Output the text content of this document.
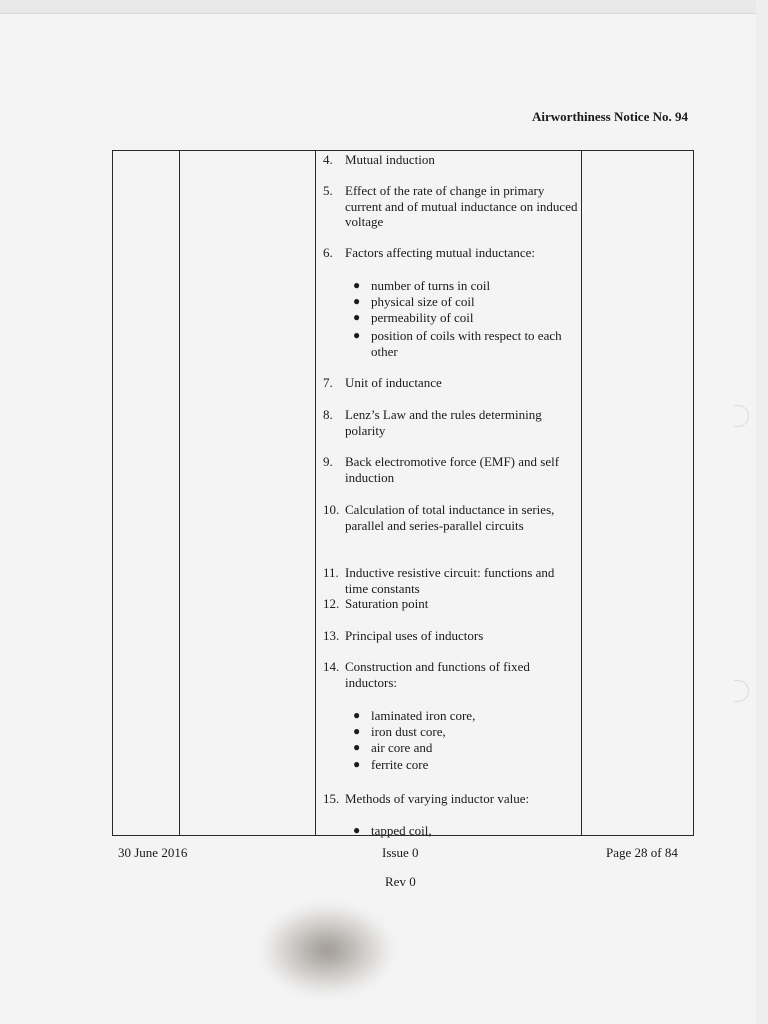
Airworthiness Notice No. 94
4. Mutual induction
5. Effect of the rate of change in primary current and of mutual inductance on induced voltage
6. Factors affecting mutual inductance:
● number of turns in coil
● physical size of coil
● permeability of coil
● position of coils with respect to each other
7. Unit of inductance
8. Lenz’s Law and the rules determining polarity
9. Back electromotive force (EMF) and self induction
10. Calculation of total inductance in series, parallel and series-parallel circuits
11. Inductive resistive circuit: functions and time constants
12. Saturation point
13. Principal uses of inductors
14. Construction and functions of fixed inductors:
● laminated iron core,
● iron dust core,
● air core and
● ferrite core
15. Methods of varying inductor value:
● tapped coil,
30 June 2016	Issue 0	Page 28 of 84
Rev 0
